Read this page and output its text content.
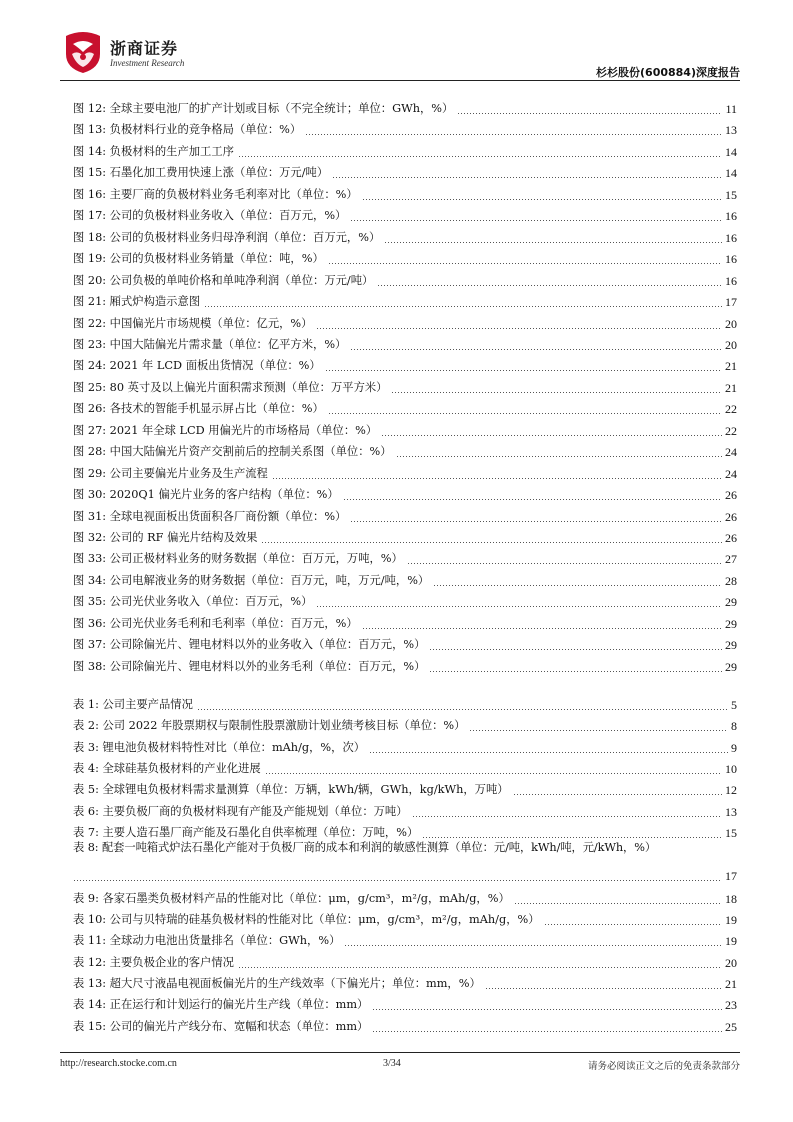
浙商证券
Investment Research
杉杉股份(600884)深度报告
图 12: 全球主要电池厂的扩产计划或目标（不完全统计；单位：GWh，%）	11
图 13: 负极材料行业的竞争格局（单位：%）	13
图 14: 负极材料的生产加工工序	14
图 15: 石墨化加工费用快速上涨（单位：万元/吨）	14
图 16: 主要厂商的负极材料业务毛利率对比（单位：%）	15
图 17: 公司的负极材料业务收入（单位：百万元，%）	16
图 18: 公司的负极材料业务归母净利润（单位：百万元，%）	16
图 19: 公司的负极材料业务销量（单位：吨，%）	16
图 20: 公司负极的单吨价格和单吨净利润（单位：万元/吨）	16
图 21: 厢式炉构造示意图	17
图 22: 中国偏光片市场规模（单位：亿元，%）	20
图 23: 中国大陆偏光片需求量（单位：亿平方米，%）	20
图 24: 2021 年 LCD 面板出货情况（单位：%）	21
图 25: 80 英寸及以上偏光片面积需求预测（单位：万平方米）	21
图 26: 各技术的智能手机显示屏占比（单位：%）	22
图 27: 2021 年全球 LCD 用偏光片的市场格局（单位：%）	22
图 28: 中国大陆偏光片资产交割前后的控制关系图（单位：%）	24
图 29: 公司主要偏光片业务及生产流程	24
图 30: 2020Q1 偏光片业务的客户结构（单位：%）	26
图 31: 全球电视面板出货面积各厂商份额（单位：%）	26
图 32: 公司的 RF 偏光片结构及效果	26
图 33: 公司正极材料业务的财务数据（单位：百万元，万吨，%）	27
图 34: 公司电解液业务的财务数据（单位：百万元，吨，万元/吨，%）	28
图 35: 公司光伏业务收入（单位：百万元，%）	29
图 36: 公司光伏业务毛利和毛利率（单位：百万元，%）	29
图 37: 公司除偏光片、锂电材料以外的业务收入（单位：百万元，%）	29
图 38: 公司除偏光片、锂电材料以外的业务毛利（单位：百万元，%）	29
表 1: 公司主要产品情况	5
表 2: 公司 2022 年股票期权与限制性股票激励计划业绩考核目标（单位：%）	8
表 3: 锂电池负极材料特性对比（单位：mAh/g，%，次）	9
表 4: 全球硅基负极材料的产业化进展	10
表 5: 全球锂电负极材料需求量测算（单位：万辆，kWh/辆，GWh，kg/kWh，万吨）	12
表 6: 主要负极厂商的负极材料现有产能及产能规划（单位：万吨）	13
表 7: 主要人造石墨厂商产能及石墨化自供率梳理（单位：万吨，%）	15
表 8: 配套一吨箱式炉法石墨化产能对于负极厂商的成本和利润的敏感性测算（单位：元/吨，kWh/吨，元/kWh，%）
17
表 9: 各家石墨类负极材料产品的性能对比（单位：μm，g/cm³，m²/g，mAh/g，%）	18
表 10: 公司与贝特瑞的硅基负极材料的性能对比（单位：μm，g/cm³，m²/g，mAh/g，%）	19
表 11: 全球动力电池出货量排名（单位：GWh，%）	19
表 12: 主要负极企业的客户情况	20
表 13: 超大尺寸液晶电视面板偏光片的生产线效率（下偏光片；单位：mm，%）	21
表 14: 正在运行和计划运行的偏光片生产线（单位：mm）	23
表 15: 公司的偏光片产线分布、宽幅和状态（单位：mm）	25
http://research.stocke.com.cn	3/34	请务必阅读正文之后的免责条款部分
